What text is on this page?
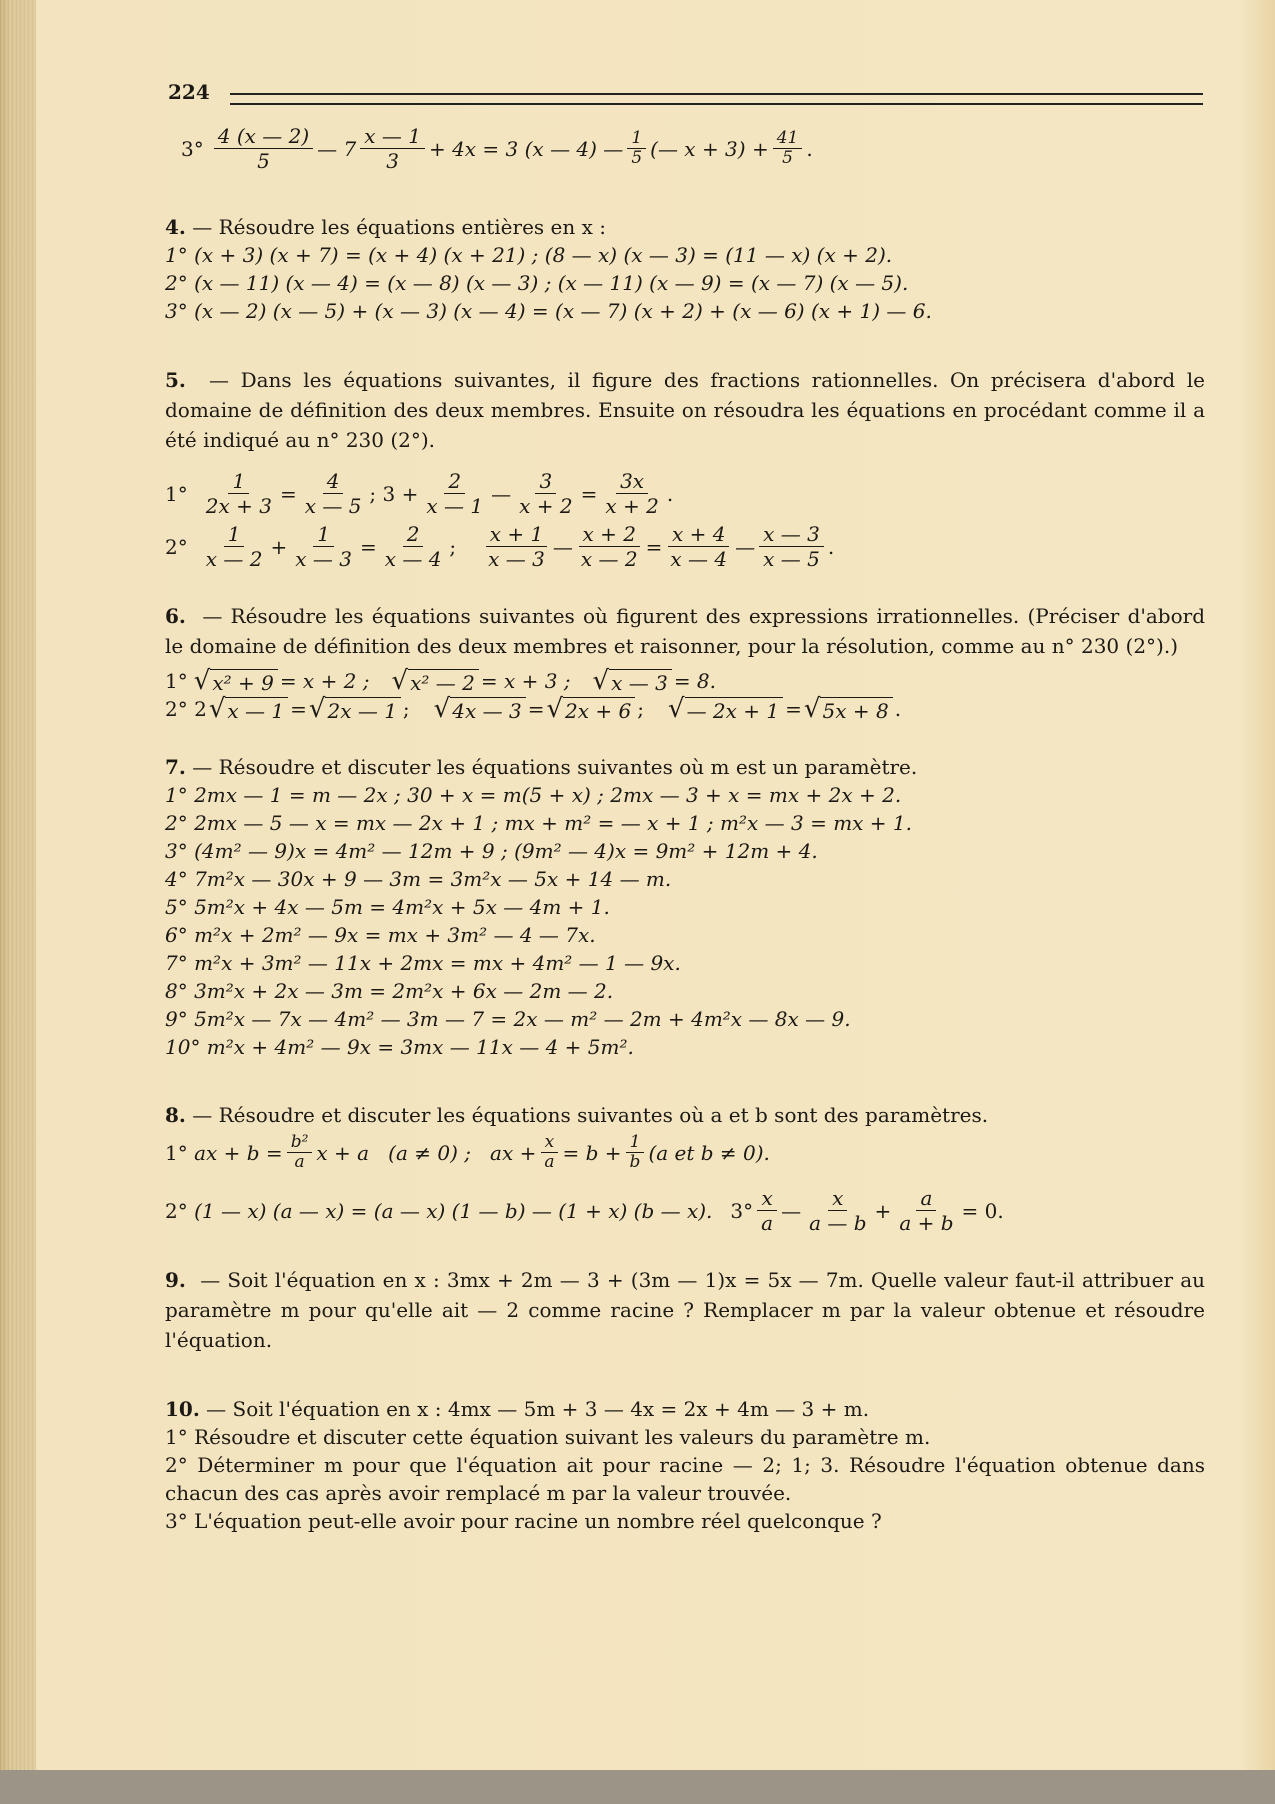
224
$3^\circ \frac{4 (x — 2)}{5}$ — $7 \frac{x — 1}{3} + 4x = 3$ (x — 4) — $\frac{1}{5}$ (— $x + 3) + \frac{41}{5}$ .
4.
— Résoudre les équations entières en x :
1° (x + 3) (x + 7) = (x + 4) (x + 21) ; (8 — x) (x — 3) = (11 — x) (x + 2).
2° (x — 11) (x — 4) = (x — 8) (x — 3) ; (x — 11) (x — 9) = (x — 7) (x — 5).
3° (x — 2) (x — 5) + (x — 3) (x — 4) = (x — 7) (x + 2) + (x — 6) (x + 1) — 6.
5. — Dans les équations suivantes, il figure des fractions rationnelles. On précisera d'abord le domaine de définition des deux membres. Ensuite on résoudra les équations en procédant comme il a été indiqué au n° 230 (2°).
$1^\circ \frac{1}{2x + 3} = \frac{4}{x — 5}$ ; $3 + \frac{2}{x — 1}$ — $\frac{3}{x + 2} = \frac{3x}{x + 2}$ .
$2^\circ \frac{1}{x — 2} + \frac{1}{x — 3} = \frac{2}{x — 4}$ ; $\frac{x + 1}{x — 3}$ — $\frac{x + 2}{x — 2} = \frac{x + 4}{x — 4}$ — $\frac{x — 3}{x — 5}$ .
6. — Résoudre les équations suivantes où figurent des expressions irrationnelles. (Préciser d'abord le domaine de définition des deux membres et raisonner, pour la résolution, comme au n° 230 (2°).)
1° √ x² + 9 = x + 2 ; √ x² — 2 = x + 3 ; √ x — 3 = 8.
2°
2 √ x — 1 = √ 2x — 1 ; √ 4x — 3 = √ 2x + 6 ; √ — 2x + 1 = √ 5x + 8 .
7.
— Résoudre et discuter les équations suivantes où m est un paramètre.
1° 2mx — 1 = m — 2x ; 30 + x = m(5 + x) ; 2mx — 3 + x = mx + 2x + 2.
2° 2mx — 5 — x = mx — 2x + 1 ; mx + m² = — x + 1 ; m²x — 3 = mx + 1.
3° (4m² — 9)x = 4m² — 12m + 9 ; (9m² — 4)x = 9m² + 12m + 4.
4° 7m²x — 30x + 9 — 3m = 3m²x — 5x + 14 — m.
5° 5m²x + 4x — 5m = 4m²x + 5x — 4m + 1.
6° m²x + 2m² — 9x = mx + 3m² — 4 — 7x.
7° m²x + 3m² — 11x + 2mx = mx + 4m² — 1 — 9x.
8° 3m²x + 2x — 3m = 2m²x + 6x — 2m — 2.
9° 5m²x — 7x — 4m² — 3m — 7 = 2x — m² — 2m + 4m²x — 8x — 9.
10° m²x + 4m² — 9x = 3mx — 11x — 4 + 5m².
8.
— Résoudre et discuter les équations suivantes où a et b sont des paramètres.
1°
ax + $b = \frac{\text{b²}}{a}$ x + a   (a ≠ 0) ;   ax + $\frac{x}{a} = b + \frac{1}{b} (a$ et b ≠ 0).
2°
(1 — x) (a — x) = (a — x) (1 — b) — (1 + x) (b — x). $3^\circ \frac{x}{a}$ — $\frac{x}{a — b} + \frac{a}{a + b} = 0$.
9. — Soit l'équation en x : 3mx + 2m — 3 + (3m — 1)x = 5x — 7m. Quelle valeur faut-il attribuer au paramètre m pour qu'elle ait — 2 comme racine ? Remplacer m par la valeur obtenue et résoudre l'équation.
10.
— Soit l'équation en x : 4mx — 5m + 3 — 4x = 2x + 4m — 3 + m.
1° Résoudre et discuter cette équation suivant les valeurs du paramètre m.
2° Déterminer m pour que l'équation ait pour racine — 2; 1; 3. Résoudre l'équation obtenue dans chacun des cas après avoir remplacé m par la valeur trouvée.
3° L'équation peut-elle avoir pour racine un nombre réel quelconque ?
